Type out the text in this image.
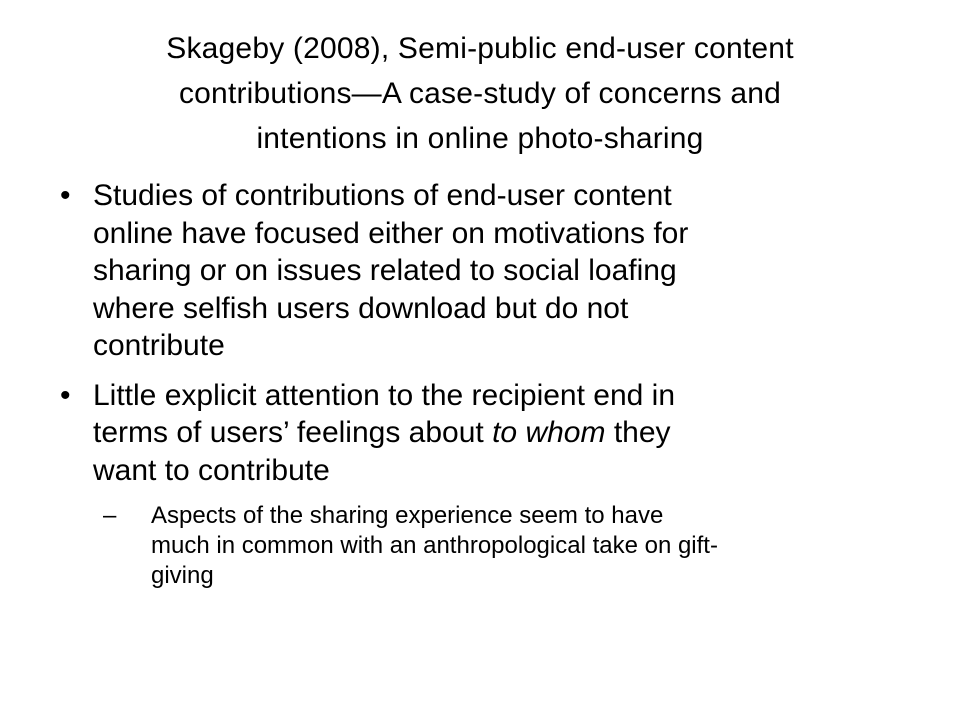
Skageby (2008), Semi-public end-user content
contributions—A case-study of concerns and
intentions in online photo-sharing
• Studies of contributions of end-user content
online have focused either on motivations for
sharing or on issues related to social loafing
where selfish users download but do not
contribute
• Little explicit attention to the recipient end in
terms of users’ feelings about to whom they
want to contribute
–	Aspects of the sharing experience seem to have
much in common with an anthropological take on gift-
giving
